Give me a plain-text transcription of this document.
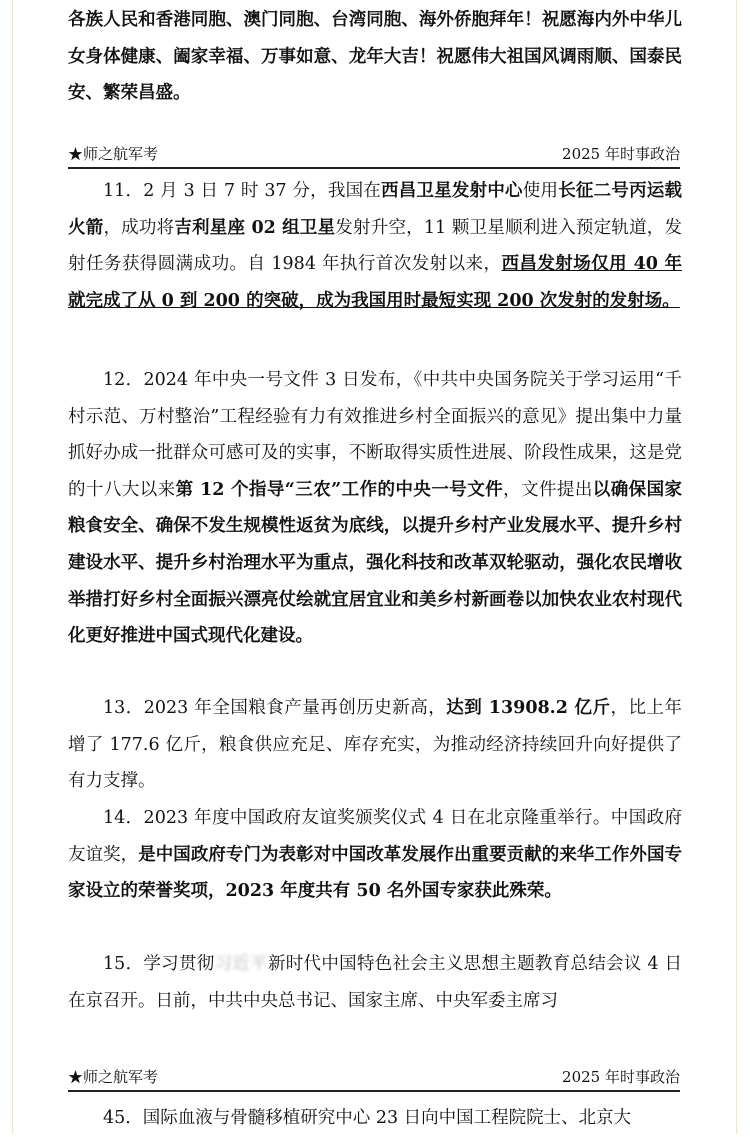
各族人民和香港同胞、澳门同胞、台湾同胞、海外侨胞拜年！祝愿海内外中华儿女身体健康、阖家幸福、万事如意、龙年大吉！祝愿伟大祖国风调雨顺、国泰民安、繁荣昌盛。

★师之航军考	2025 年时事政治

11．2 月 3 日 7 时 37 分，我国在西昌卫星发射中心使用长征二号丙运载火箭，成功将吉利星座 02 组卫星发射升空，11 颗卫星顺利进入预定轨道，发射任务获得圆满成功。自 1984 年执行首次发射以来，西昌发射场仅用 40 年就完成了从 0 到 200 的突破，成为我国用时最短实现 200 次发射的发射场。

12．2024 年中央一号文件 3 日发布，《中共中央国务院关于学习运用“千村示范、万村整治”工程经验有力有效推进乡村全面振兴的意见》提出集中力量抓好办成一批群众可感可及的实事，不断取得实质性进展、阶段性成果，这是党的十八大以来第 12 个指导“三农”工作的中央一号文件，文件提出以确保国家粮食安全、确保不发生规模性返贫为底线，以提升乡村产业发展水平、提升乡村建设水平、提升乡村治理水平为重点，强化科技和改革双轮驱动，强化农民增收举措打好乡村全面振兴漂亮仗绘就宜居宜业和美乡村新画卷以加快农业农村现代化更好推进中国式现代化建设。

13．2023 年全国粮食产量再创历史新高，达到 13908.2 亿斤，比上年增了 177.6 亿斤，粮食供应充足、库存充实，为推动经济持续回升向好提供了有力支撑。

14．2023 年度中国政府友谊奖颁奖仪式 4 日在北京隆重举行。中国政府友谊奖，是中国政府专门为表彰对中国改革发展作出重要贡献的来华工作外国专家设立的荣誉奖项，2023 年度共有 50 名外国专家获此殊荣。

15．学习贯彻习近平新时代中国特色社会主义思想主题教育总结会议 4 日在京召开。日前，中共中央总书记、国家主席、中央军委主席习

★师之航军考	2025 年时事政治

45．国际血液与骨髓移植研究中心 23 日向中国工程院院士、北京大
